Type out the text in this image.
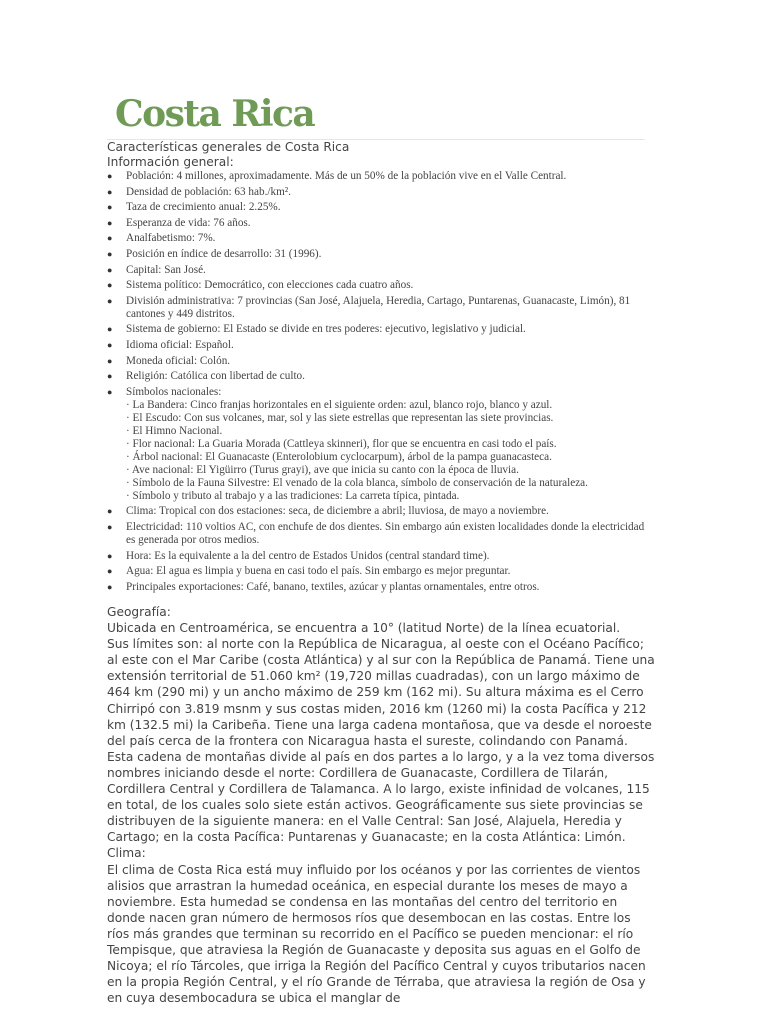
Costa Rica
Características generales de Costa Rica
Información general:
● Población: 4 millones, aproximadamente. Más de un 50% de la población vive en el Valle Central.
● Densidad de población: 63 hab./km².
● Taza de crecimiento anual: 2.25%.
● Esperanza de vida: 76 años.
● Analfabetismo: 7%.
● Posición en índice de desarrollo: 31 (1996).
● Capital: San José.
● Sistema político: Democrático, con elecciones cada cuatro años.
● División administrativa: 7 provincias (San José, Alajuela, Heredia, Cartago, Puntarenas, Guanacaste, Limón), 81 cantones y 449 distritos.
● Sistema de gobierno: El Estado se divide en tres poderes: ejecutivo, legislativo y judicial.
● Idioma oficial: Español.
● Moneda oficial: Colón.
● Religión: Católica con libertad de culto.
● Símbolos nacionales:
· La Bandera: Cinco franjas horizontales en el siguiente orden: azul, blanco rojo, blanco y azul.
· El Escudo: Con sus volcanes, mar, sol y las siete estrellas que representan las siete provincias.
· El Himno Nacional.
· Flor nacional: La Guaria Morada (Cattleya skinneri), flor que se encuentra en casi todo el país.
· Árbol nacional: El Guanacaste (Enterolobium cyclocarpum), árbol de la pampa guanacasteca.
· Ave nacional: El Yigüirro (Turus grayi), ave que inicia su canto con la época de lluvia.
· Símbolo de la Fauna Silvestre: El venado de la cola blanca, símbolo de conservación de la naturaleza.
· Símbolo y tributo al trabajo y a las tradiciones: La carreta típica, pintada.
● Clima: Tropical con dos estaciones: seca, de diciembre a abril; lluviosa, de mayo a noviembre.
● Electricidad: 110 voltios AC, con enchufe de dos dientes. Sin embargo aún existen localidades donde la electricidad es generada por otros medios.
● Hora: Es la equivalente a la del centro de Estados Unidos (central standard time).
● Agua: El agua es limpia y buena en casi todo el país. Sin embargo es mejor preguntar.
● Principales exportaciones: Café, banano, textiles, azúcar y plantas ornamentales, entre otros.

Geografía:

Ubicada en Centroamérica, se encuentra a 10° (latitud Norte) de la línea ecuatorial.

Sus límites son: al norte con la República de Nicaragua, al oeste con el Océano Pacífico; al este con el Mar Caribe (costa Atlántica) y al sur con la República de Panamá. Tiene una extensión territorial de 51.060 km² (19,720 millas cuadradas), con un largo máximo de 464 km (290 mi) y un ancho máximo de 259 km (162 mi). Su altura máxima es el Cerro Chirripó con 3.819 msnm y sus costas miden, 2016 km (1260 mi) la costa Pacífica y 212 km (132.5 mi) la Caribeña. Tiene una larga cadena montañosa, que va desde el noroeste del país cerca de la frontera con Nicaragua hasta el sureste, colindando con Panamá. Esta cadena de montañas divide al país en dos partes a lo largo, y a la vez toma diversos nombres iniciando desde el norte: Cordillera de Guanacaste, Cordillera de Tilarán, Cordillera Central y Cordillera de Talamanca. A lo largo, existe infinidad de volcanes, 115 en total, de los cuales solo siete están activos. Geográficamente sus siete provincias se distribuyen de la siguiente manera: en el Valle Central: San José, Alajuela, Heredia y Cartago; en la costa Pacífica: Puntarenas y Guanacaste; en la costa Atlántica: Limón.

Clima:

El clima de Costa Rica está muy influido por los océanos y por las corrientes de vientos alisios que arrastran la humedad oceánica, en especial durante los meses de mayo a noviembre. Esta humedad se condensa en las montañas del centro del territorio en donde nacen gran número de hermosos ríos que desembocan en las costas. Entre los ríos más grandes que terminan su recorrido en el Pacífico se pueden mencionar: el río Tempisque, que atraviesa la Región de Guanacaste y deposita sus aguas en el Golfo de Nicoya; el río Tárcoles, que irriga la Región del Pacífico Central y cuyos tributarios nacen en la propia Región Central, y el río Grande de Térraba, que atraviesa la región de Osa y en cuya desembocadura se ubica el manglar de
